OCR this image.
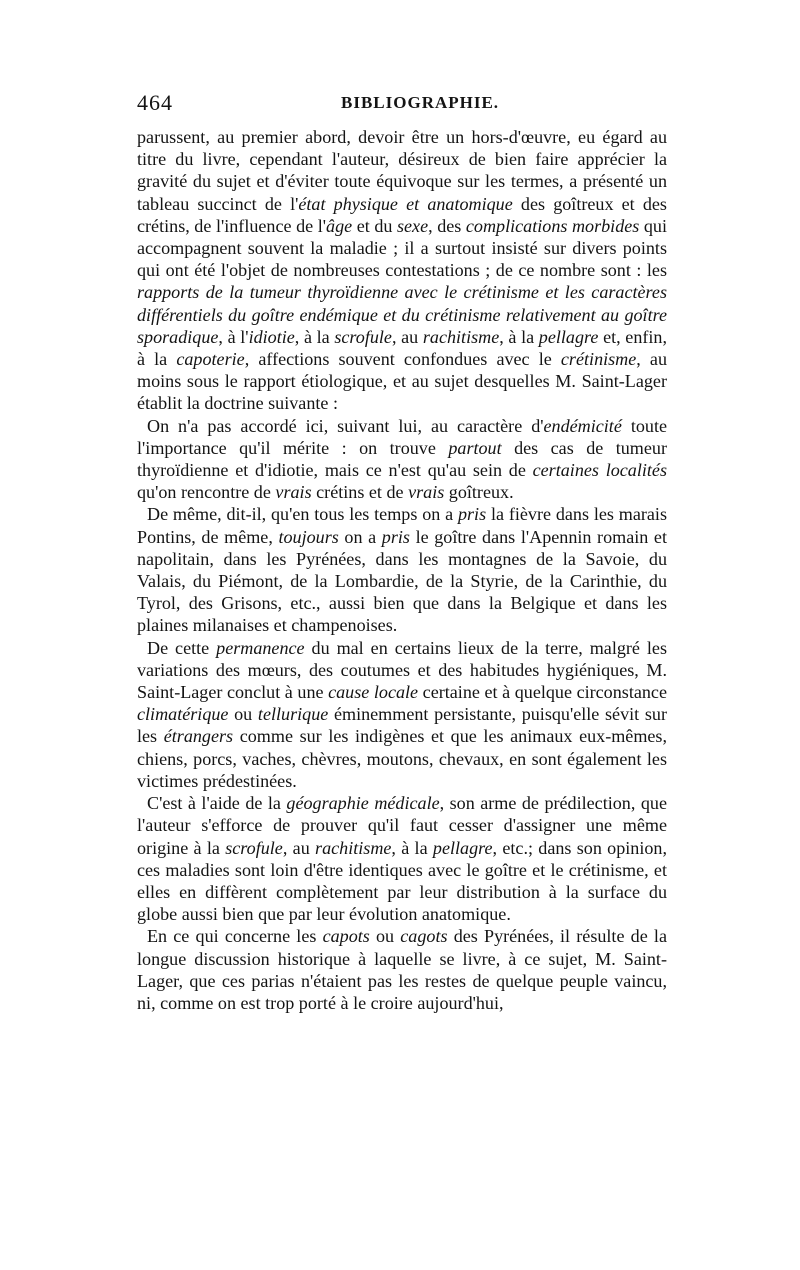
464	BIBLIOGRAPHIE.

parussent, au premier abord, devoir être un hors-d'œuvre, eu égard au titre du livre, cependant l'auteur, désireux de bien faire apprécier la gravité du sujet et d'éviter toute équivoque sur les termes, a présenté un tableau succinct de l'état physique et anatomique des goîtreux et des crétins, de l'influence de l'âge et du sexe, des complications morbides qui accompagnent souvent la maladie ; il a surtout insisté sur divers points qui ont été l'objet de nombreuses contestations ; de ce nombre sont : les rapports de la tumeur thyroïdienne avec le crétinisme et les caractères différentiels du goître endémique et du crétinisme relativement au goître sporadique, à l'idiotie, à la scrofule, au rachitisme, à la pellagre et, enfin, à la capoterie, affections souvent confondues avec le crétinisme, au moins sous le rapport étiologique, et au sujet desquelles M. Saint-Lager établit la doctrine suivante :

On n'a pas accordé ici, suivant lui, au caractère d'endémicité toute l'importance qu'il mérite : on trouve partout des cas de tumeur thyroïdienne et d'idiotie, mais ce n'est qu'au sein de certaines localités qu'on rencontre de vrais crétins et de vrais goîtreux.

De même, dit-il, qu'en tous les temps on a pris la fièvre dans les marais Pontins, de même, toujours on a pris le goître dans l'Apennin romain et napolitain, dans les Pyrénées, dans les montagnes de la Savoie, du Valais, du Piémont, de la Lombardie, de la Styrie, de la Carinthie, du Tyrol, des Grisons, etc., aussi bien que dans la Belgique et dans les plaines milanaises et champenoises.

De cette permanence du mal en certains lieux de la terre, malgré les variations des mœurs, des coutumes et des habitudes hygiéniques, M. Saint-Lager conclut à une cause locale certaine et à quelque circonstance climatérique ou tellurique éminemment persistante, puisqu'elle sévit sur les étrangers comme sur les indigènes et que les animaux eux-mêmes, chiens, porcs, vaches, chèvres, moutons, chevaux, en sont également les victimes prédestinées.

C'est à l'aide de la géographie médicale, son arme de prédilection, que l'auteur s'efforce de prouver qu'il faut cesser d'assigner une même origine à la scrofule, au rachitisme, à la pellagre, etc.; dans son opinion, ces maladies sont loin d'être identiques avec le goître et le crétinisme, et elles en diffèrent complètement par leur distribution à la surface du globe aussi bien que par leur évolution anatomique.

En ce qui concerne les capots ou cagots des Pyrénées, il résulte de la longue discussion historique à laquelle se livre, à ce sujet, M. Saint-Lager, que ces parias n'étaient pas les restes de quelque peuple vaincu, ni, comme on est trop porté à le croire aujourd'hui,
